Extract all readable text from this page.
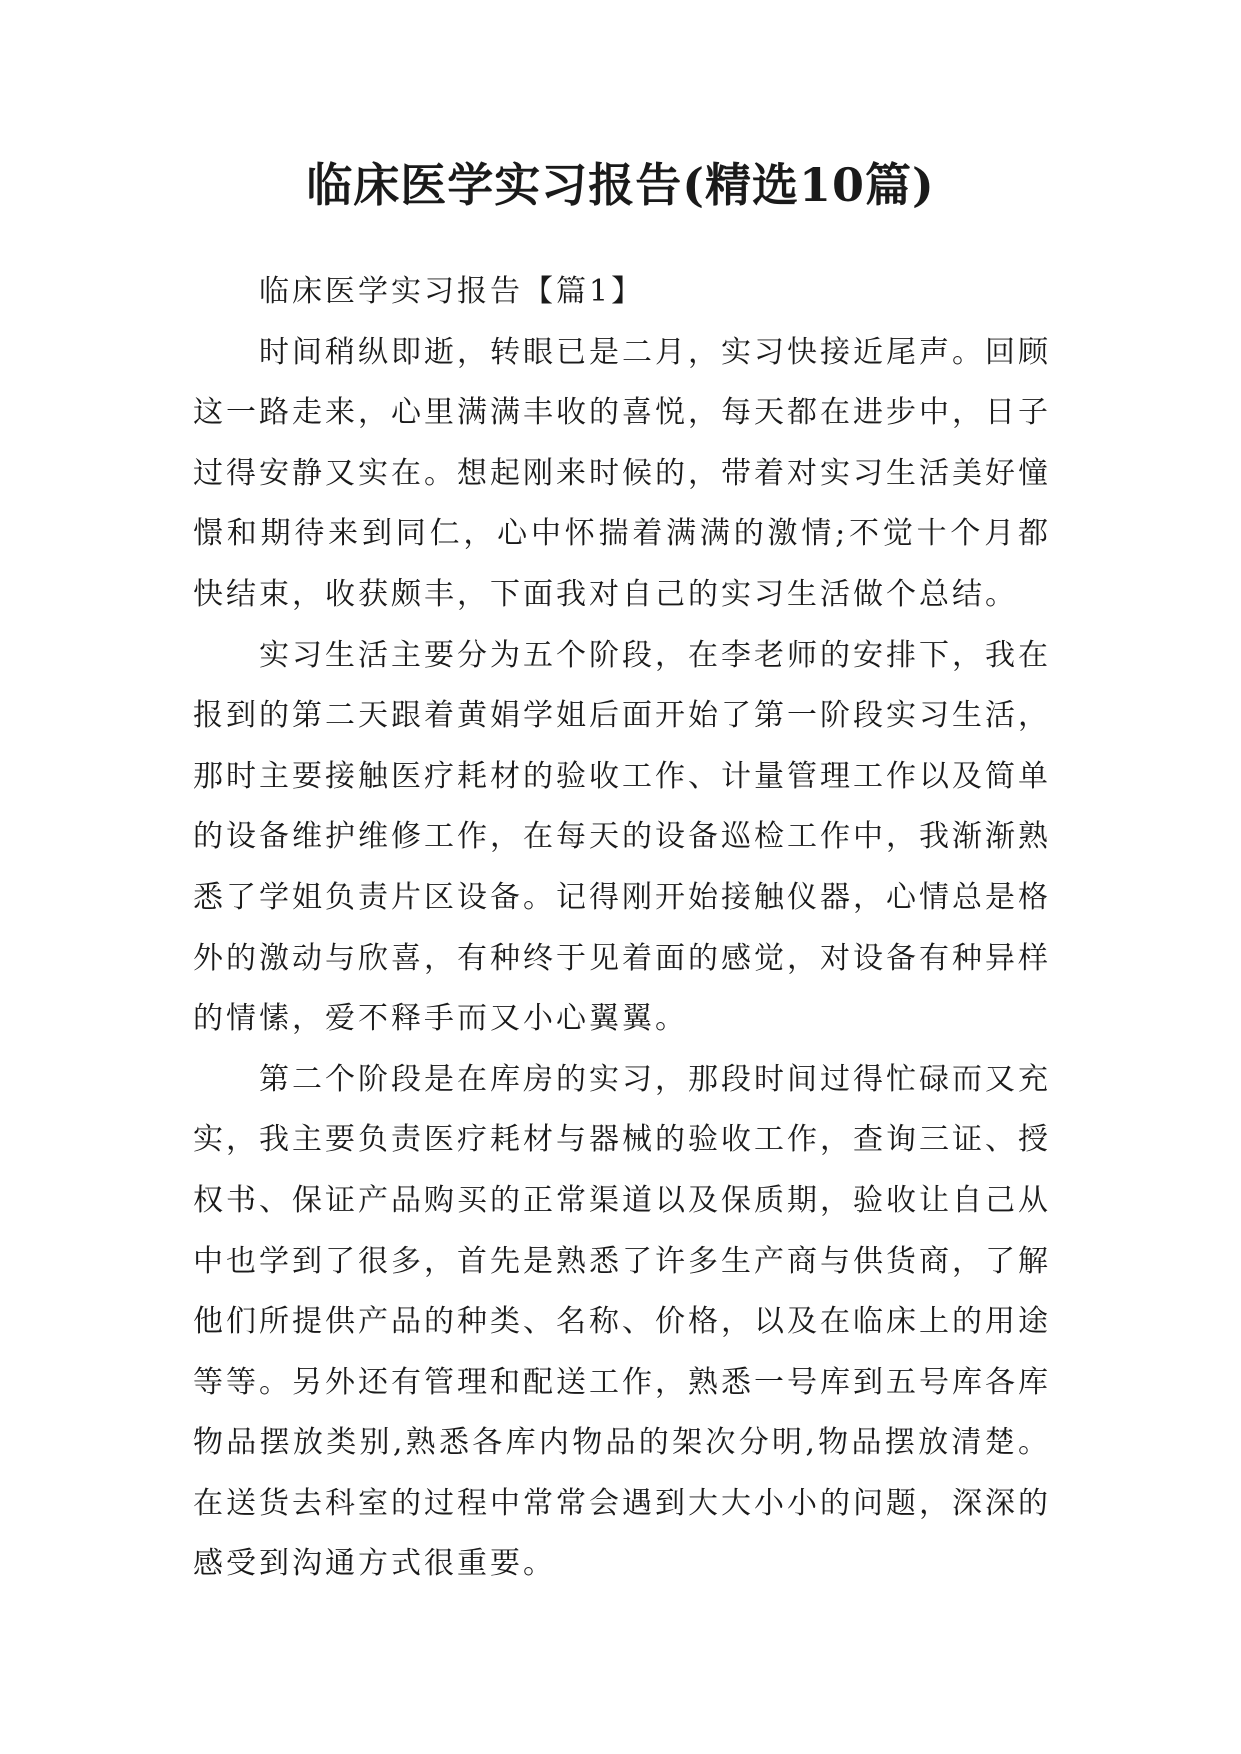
临床医学实习报告(精选10篇)

临床医学实习报告【篇1】

时间稍纵即逝，转眼已是二月，实习快接近尾声。回顾
这一路走来，心里满满丰收的喜悦，每天都在进步中，日子
过得安静又实在。想起刚来时候的，带着对实习生活美好憧
憬和期待来到同仁，心中怀揣着满满的激情;不觉十个月都
快结束，收获颇丰，下面我对自己的实习生活做个总结。
实习生活主要分为五个阶段，在李老师的安排下，我在
报到的第二天跟着黄娟学姐后面开始了第一阶段实习生活，
那时主要接触医疗耗材的验收工作、计量管理工作以及简单
的设备维护维修工作，在每天的设备巡检工作中，我渐渐熟
悉了学姐负责片区设备。记得刚开始接触仪器，心情总是格
外的激动与欣喜，有种终于见着面的感觉，对设备有种异样
的情愫，爱不释手而又小心翼翼。
第二个阶段是在库房的实习，那段时间过得忙碌而又充
实，我主要负责医疗耗材与器械的验收工作，查询三证、授
权书、保证产品购买的正常渠道以及保质期，验收让自己从
中也学到了很多，首先是熟悉了许多生产商与供货商，了解
他们所提供产品的种类、名称、价格，以及在临床上的用途
等等。另外还有管理和配送工作，熟悉一号库到五号库各库
物品摆放类别,熟悉各库内物品的架次分明,物品摆放清楚。
在送货去科室的过程中常常会遇到大大小小的问题，深深的
感受到沟通方式很重要。
